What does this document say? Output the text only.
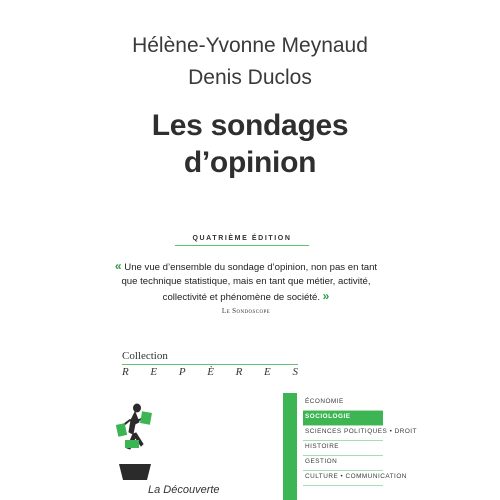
Hélène-Yvonne Meynaud
Denis Duclos
Les sondages
d’opinion
QUATRIÈME ÉDITION
« Une vue d’ensemble du sondage d’opinion, non pas en tant que technique statistique, mais en tant que métier, activité, collectivité et phénomène de société. »
Le Sondoscope
Collection
R E P È R E S
ÉCONOMIE
SOCIOLOGIE
SCIENCES POLITIQUES • DROIT
HISTOIRE
GESTION
CULTURE • COMMUNICATION
La Découverte
